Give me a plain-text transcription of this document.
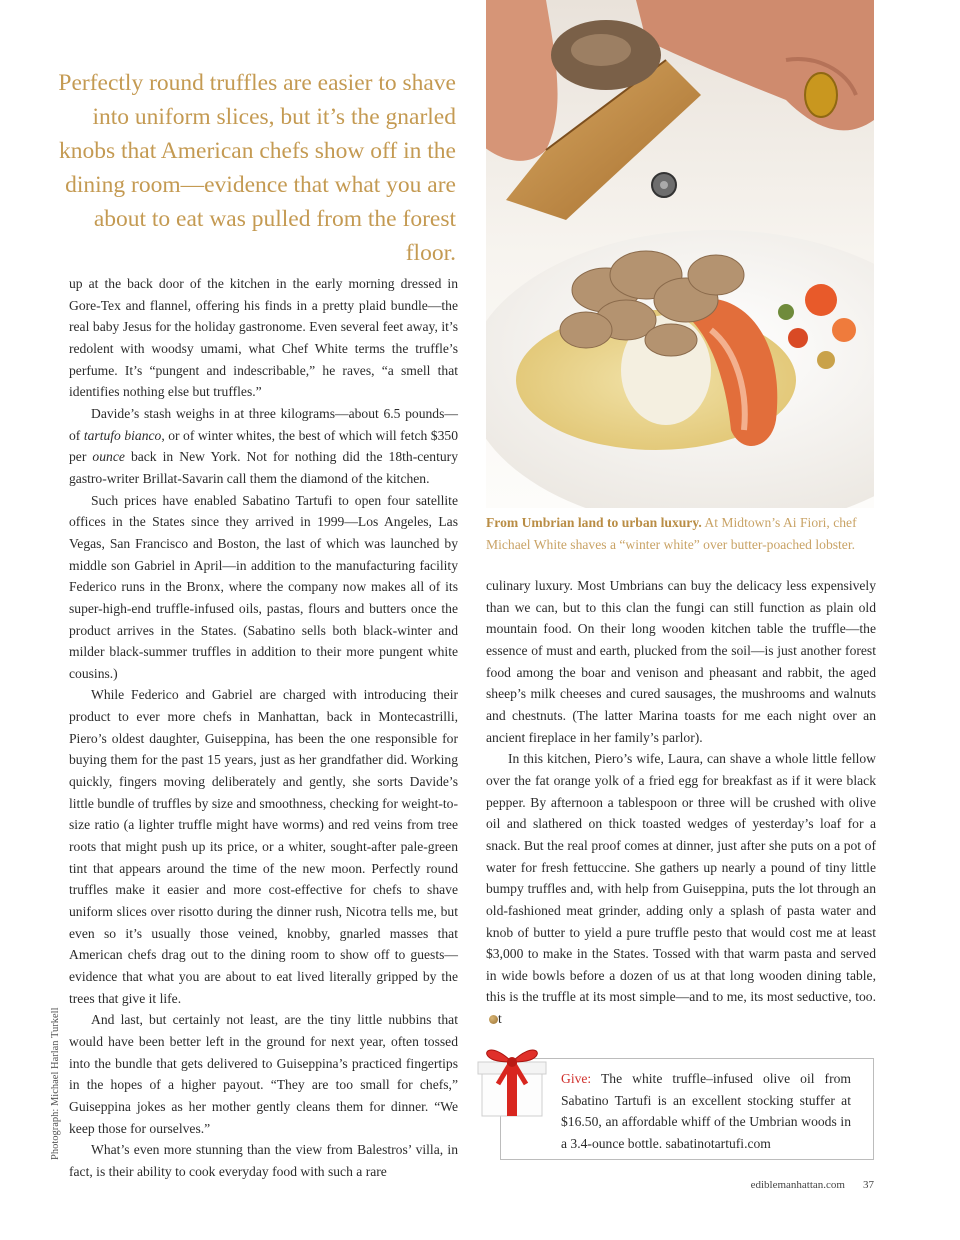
Perfectly round truffles are easier to shave into uniform slices, but it’s the gnarled knobs that American chefs show off in the dining room—evidence that what you are about to eat was pulled from the forest floor.
From Umbrian land to urban luxury. At Midtown’s Ai Fiori, chef Michael White shaves a “winter white” over butter-poached lobster.

up at the back door of the kitchen in the early morning dressed in Gore-Tex and flannel, offering his finds in a pretty plaid bundle—the real baby Jesus for the holiday gastronome. Even several feet away, it’s redolent with woodsy umami, what Chef White terms the truffle’s perfume. It’s “pungent and indescribable,” he raves, “a smell that identifies nothing else but truffles.”

Davide’s stash weighs in at three kilograms—about 6.5 pounds—of tartufo bianco, or of winter whites, the best of which will fetch $350 per ounce back in New York. Not for nothing did the 18th-century gastro-writer Brillat-Savarin call them the diamond of the kitchen.

Such prices have enabled Sabatino Tartufi to open four satellite offices in the States since they arrived in 1999—Los Angeles, Las Vegas, San Francisco and Boston, the last of which was launched by middle son Gabriel in April—in addition to the manufacturing facility Federico runs in the Bronx, where the company now makes all of its super-high-end truffle-infused oils, pastas, flours and butters once the product arrives in the States. (Sabatino sells both black-winter and milder black-summer truffles in addition to their more pungent white cousins.)

While Federico and Gabriel are charged with introducing their product to ever more chefs in Manhattan, back in Montecastrilli, Piero’s oldest daughter, Guiseppina, has been the one responsible for buying them for the past 15 years, just as her grandfather did. Working quickly, fingers moving deliberately and gently, she sorts Davide’s little bundle of truffles by size and smoothness, checking for weight-to-size ratio (a lighter truffle might have worms) and red veins from tree roots that might push up its price, or a whiter, sought-after pale-green tint that appears around the time of the new moon. Perfectly round truffles make it easier and more cost-effective for chefs to shave uniform slices over risotto during the dinner rush, Nicotra tells me, but even so it’s usually those veined, knobby, gnarled masses that American chefs drag out to the dining room to show off to guests—evidence that what you are about to eat lived literally gripped by the trees that give it life.

And last, but certainly not least, are the tiny little nubbins that would have been better left in the ground for next year, often tossed into the bundle that gets delivered to Guiseppina’s practiced fingertips in the hopes of a higher payout. “They are too small for chefs,” Guiseppina jokes as her mother gently cleans them for dinner. “We keep those for ourselves.”

What’s even more stunning than the view from Balestros’ villa, in fact, is their ability to cook everyday food with such a rare

culinary luxury. Most Umbrians can buy the delicacy less expensively than we can, but to this clan the fungi can still function as plain old mountain food. On their long wooden kitchen table the truffle—the essence of must and earth, plucked from the soil—is just another forest food among the boar and venison and pheasant and rabbit, the aged sheep’s milk cheeses and cured sausages, the mushrooms and walnuts and chestnuts. (The latter Marina toasts for me each night over an ancient fireplace in her family’s parlor).

In this kitchen, Piero’s wife, Laura, can shave a whole little fellow over the fat orange yolk of a fried egg for breakfast as if it were black pepper. By afternoon a tablespoon or three will be crushed with olive oil and slathered on thick toasted wedges of yesterday’s loaf for a snack. But the real proof comes at dinner, just after she puts on a pot of water for fresh fettuccine. She gathers up nearly a pound of tiny little bumpy truffles and, with help from Guiseppina, puts the lot through an old-fashioned meat grinder, adding only a splash of pasta water and knob of butter to yield a pure truffle pesto that would cost me at least $3,000 to make in the States. Tossed with that warm pasta and served in wide bowls before a dozen of us at that long wooden dining table, this is the truffle at its most simple—and to me, its most seductive, too.t

Photograph: Michael Harlan Turkell	Give: The white truffle–infused olive oil from Sabatino Tartufi is an excellent stocking stuffer at $16.50, an affordable whiff of the Umbrian woods in a 3.4-ounce bottle. sabatinotartufi.com
ediblemanhattan.com 37
